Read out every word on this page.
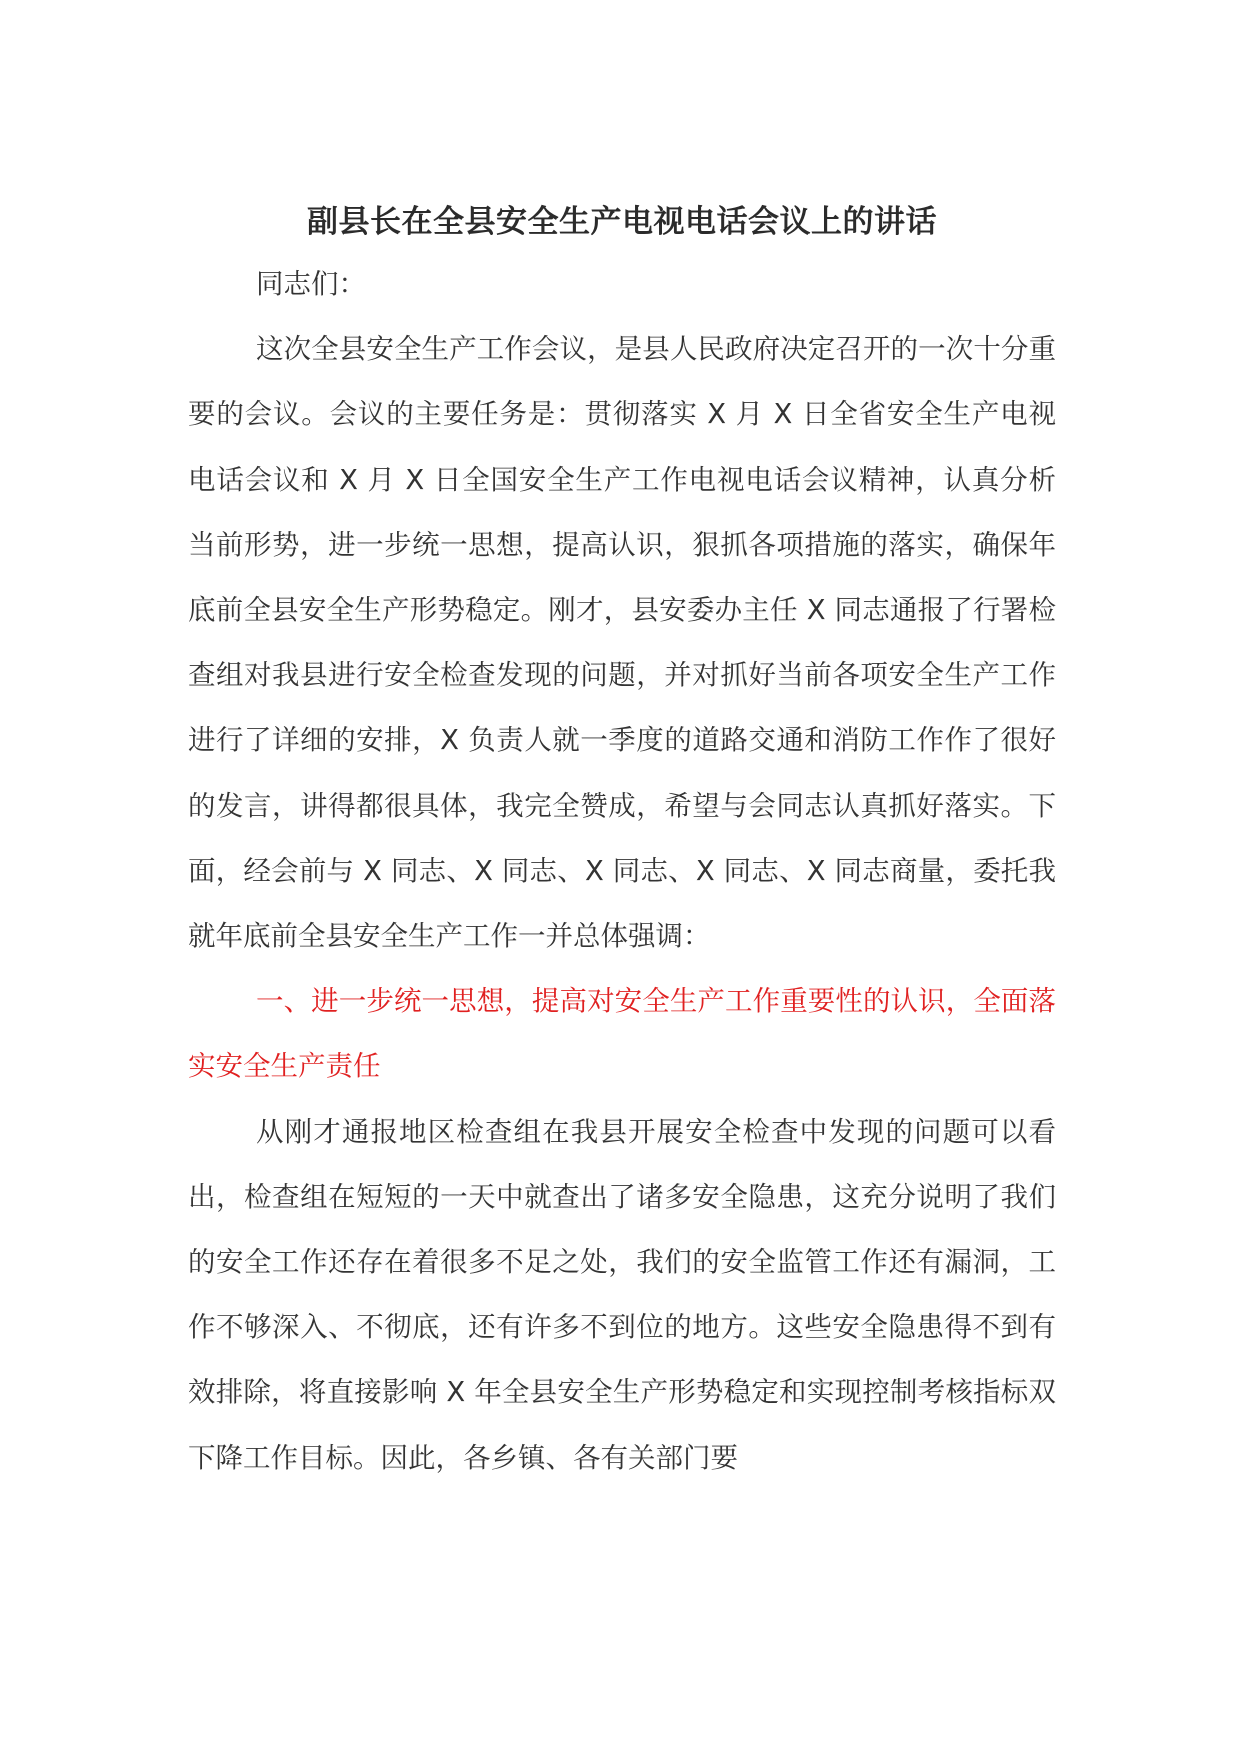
副县长在全县安全生产电视电话会议上的讲话

同志们：

这次全县安全生产工作会议，是县人民政府决定召开的一次十分重要的会议。会议的主要任务是：贯彻落实 X 月 X 日全省安全生产电视电话会议和 X 月 X 日全国安全生产工作电视电话会议精神，认真分析当前形势，进一步统一思想，提高认识，狠抓各项措施的落实，确保年底前全县安全生产形势稳定。刚才，县安委办主任 X 同志通报了行署检查组对我县进行安全检查发现的问题，并对抓好当前各项安全生产工作进行了详细的安排，X 负责人就一季度的道路交通和消防工作作了很好的发言，讲得都很具体，我完全赞成，希望与会同志认真抓好落实。下面，经会前与 X 同志、X 同志、X 同志、X 同志、X 同志商量，委托我就年底前全县安全生产工作一并总体强调：

一、进一步统一思想，提高对安全生产工作重要性的认识，全面落实安全生产责任

从刚才通报地区检查组在我县开展安全检查中发现的问题可以看出，检查组在短短的一天中就查出了诸多安全隐患，这充分说明了我们的安全工作还存在着很多不足之处，我们的安全监管工作还有漏洞，工作不够深入、不彻底，还有许多不到位的地方。这些安全隐患得不到有效排除，将直接影响 X 年全县安全生产形势稳定和实现控制考核指标双下降工作目标。因此，各乡镇、各有关部门要
